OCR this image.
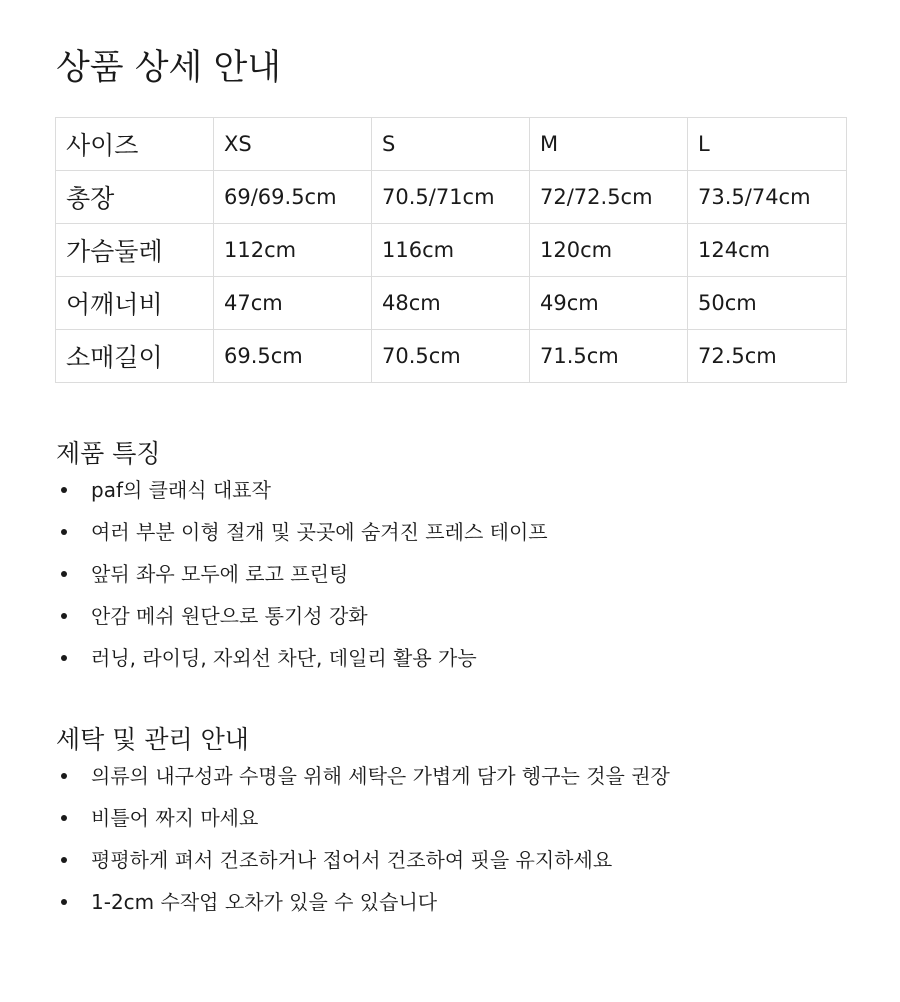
상품 상세 안내
사이즈	XS	S	M	L
총장	69/69.5cm	70.5/71cm	72/72.5cm	73.5/74cm
가슴둘레	112cm	116cm	120cm	124cm
어깨너비	47cm	48cm	49cm	50cm
소매길이	69.5cm	70.5cm	71.5cm	72.5cm
제품 특징
paf의 클래식 대표작
여러 부분 이형 절개 및 곳곳에 숨겨진 프레스 테이프
앞뒤 좌우 모두에 로고 프린팅
안감 메쉬 원단으로 통기성 강화
러닝, 라이딩, 자외선 차단, 데일리 활용 가능
세탁 및 관리 안내
의류의 내구성과 수명을 위해 세탁은 가볍게 담가 헹구는 것을 권장
비틀어 짜지 마세요
평평하게 펴서 건조하거나 접어서 건조하여 핏을 유지하세요
1-2cm 수작업 오차가 있을 수 있습니다
